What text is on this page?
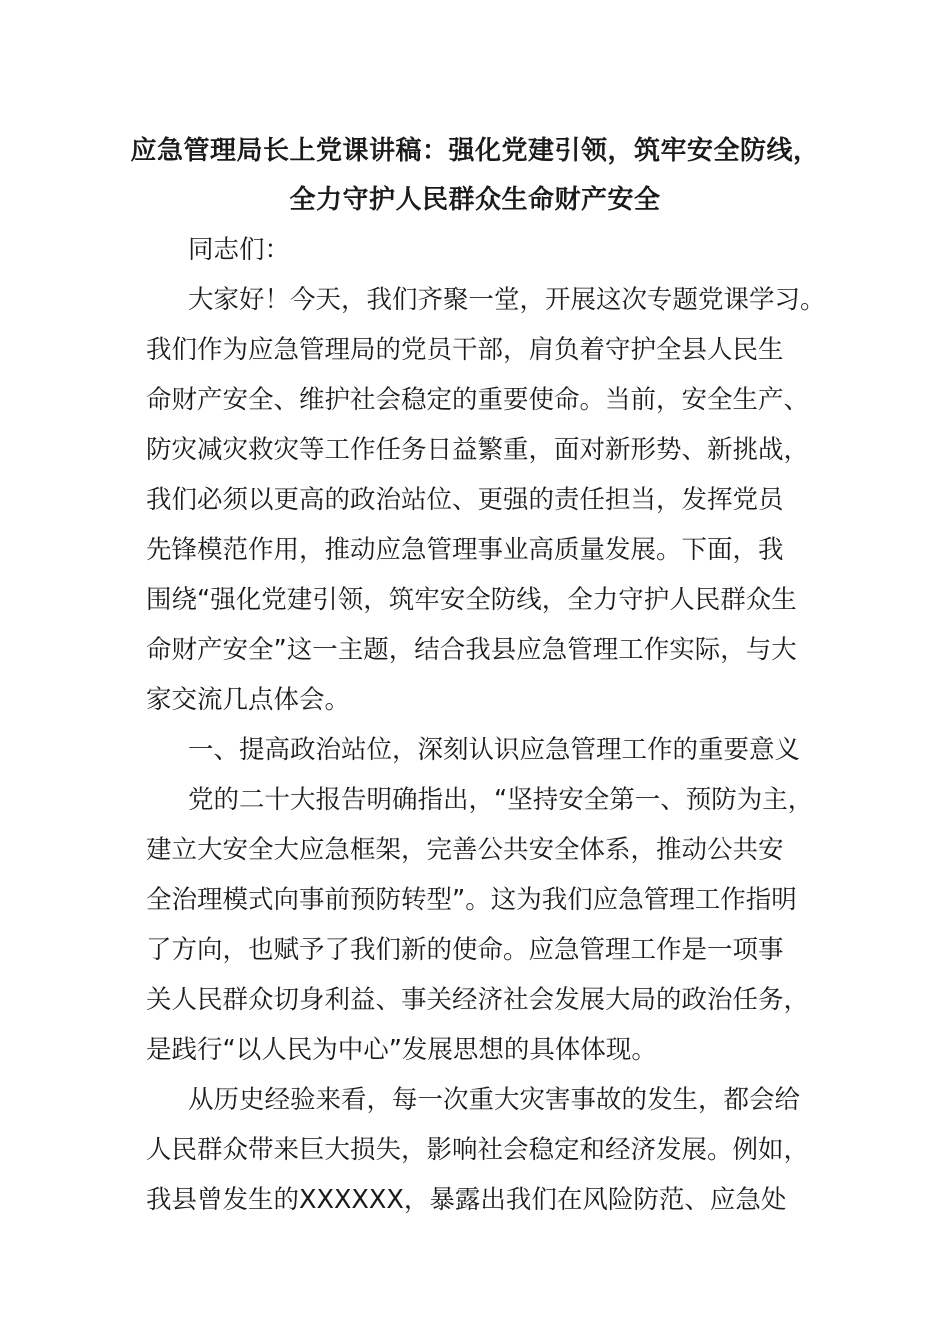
应急管理局长上党课讲稿：强化党建引领，筑牢安全防线，
全力守护人民群众生命财产安全
同志们：
大家好！今天，我们齐聚一堂，开展这次专题党课学习。
我们作为应急管理局的党员干部，肩负着守护全县人民生
命财产安全、维护社会稳定的重要使命。当前，安全生产、
防灾减灾救灾等工作任务日益繁重，面对新形势、新挑战，
我们必须以更高的政治站位、更强的责任担当，发挥党员
先锋模范作用，推动应急管理事业高质量发展。下面，我
围绕“强化党建引领，筑牢安全防线，全力守护人民群众生
命财产安全”这一主题，结合我县应急管理工作实际，与大
家交流几点体会。
一、提高政治站位，深刻认识应急管理工作的重要意义
党的二十大报告明确指出，“坚持安全第一、预防为主，
建立大安全大应急框架，完善公共安全体系，推动公共安
全治理模式向事前预防转型”。这为我们应急管理工作指明
了方向，也赋予了我们新的使命。应急管理工作是一项事
关人民群众切身利益、事关经济社会发展大局的政治任务，
是践行“以人民为中心”发展思想的具体体现。
从历史经验来看，每一次重大灾害事故的发生，都会给
人民群众带来巨大损失，影响社会稳定和经济发展。例如，
我县曾发生的XXXXXX，暴露出我们在风险防范、应急处
